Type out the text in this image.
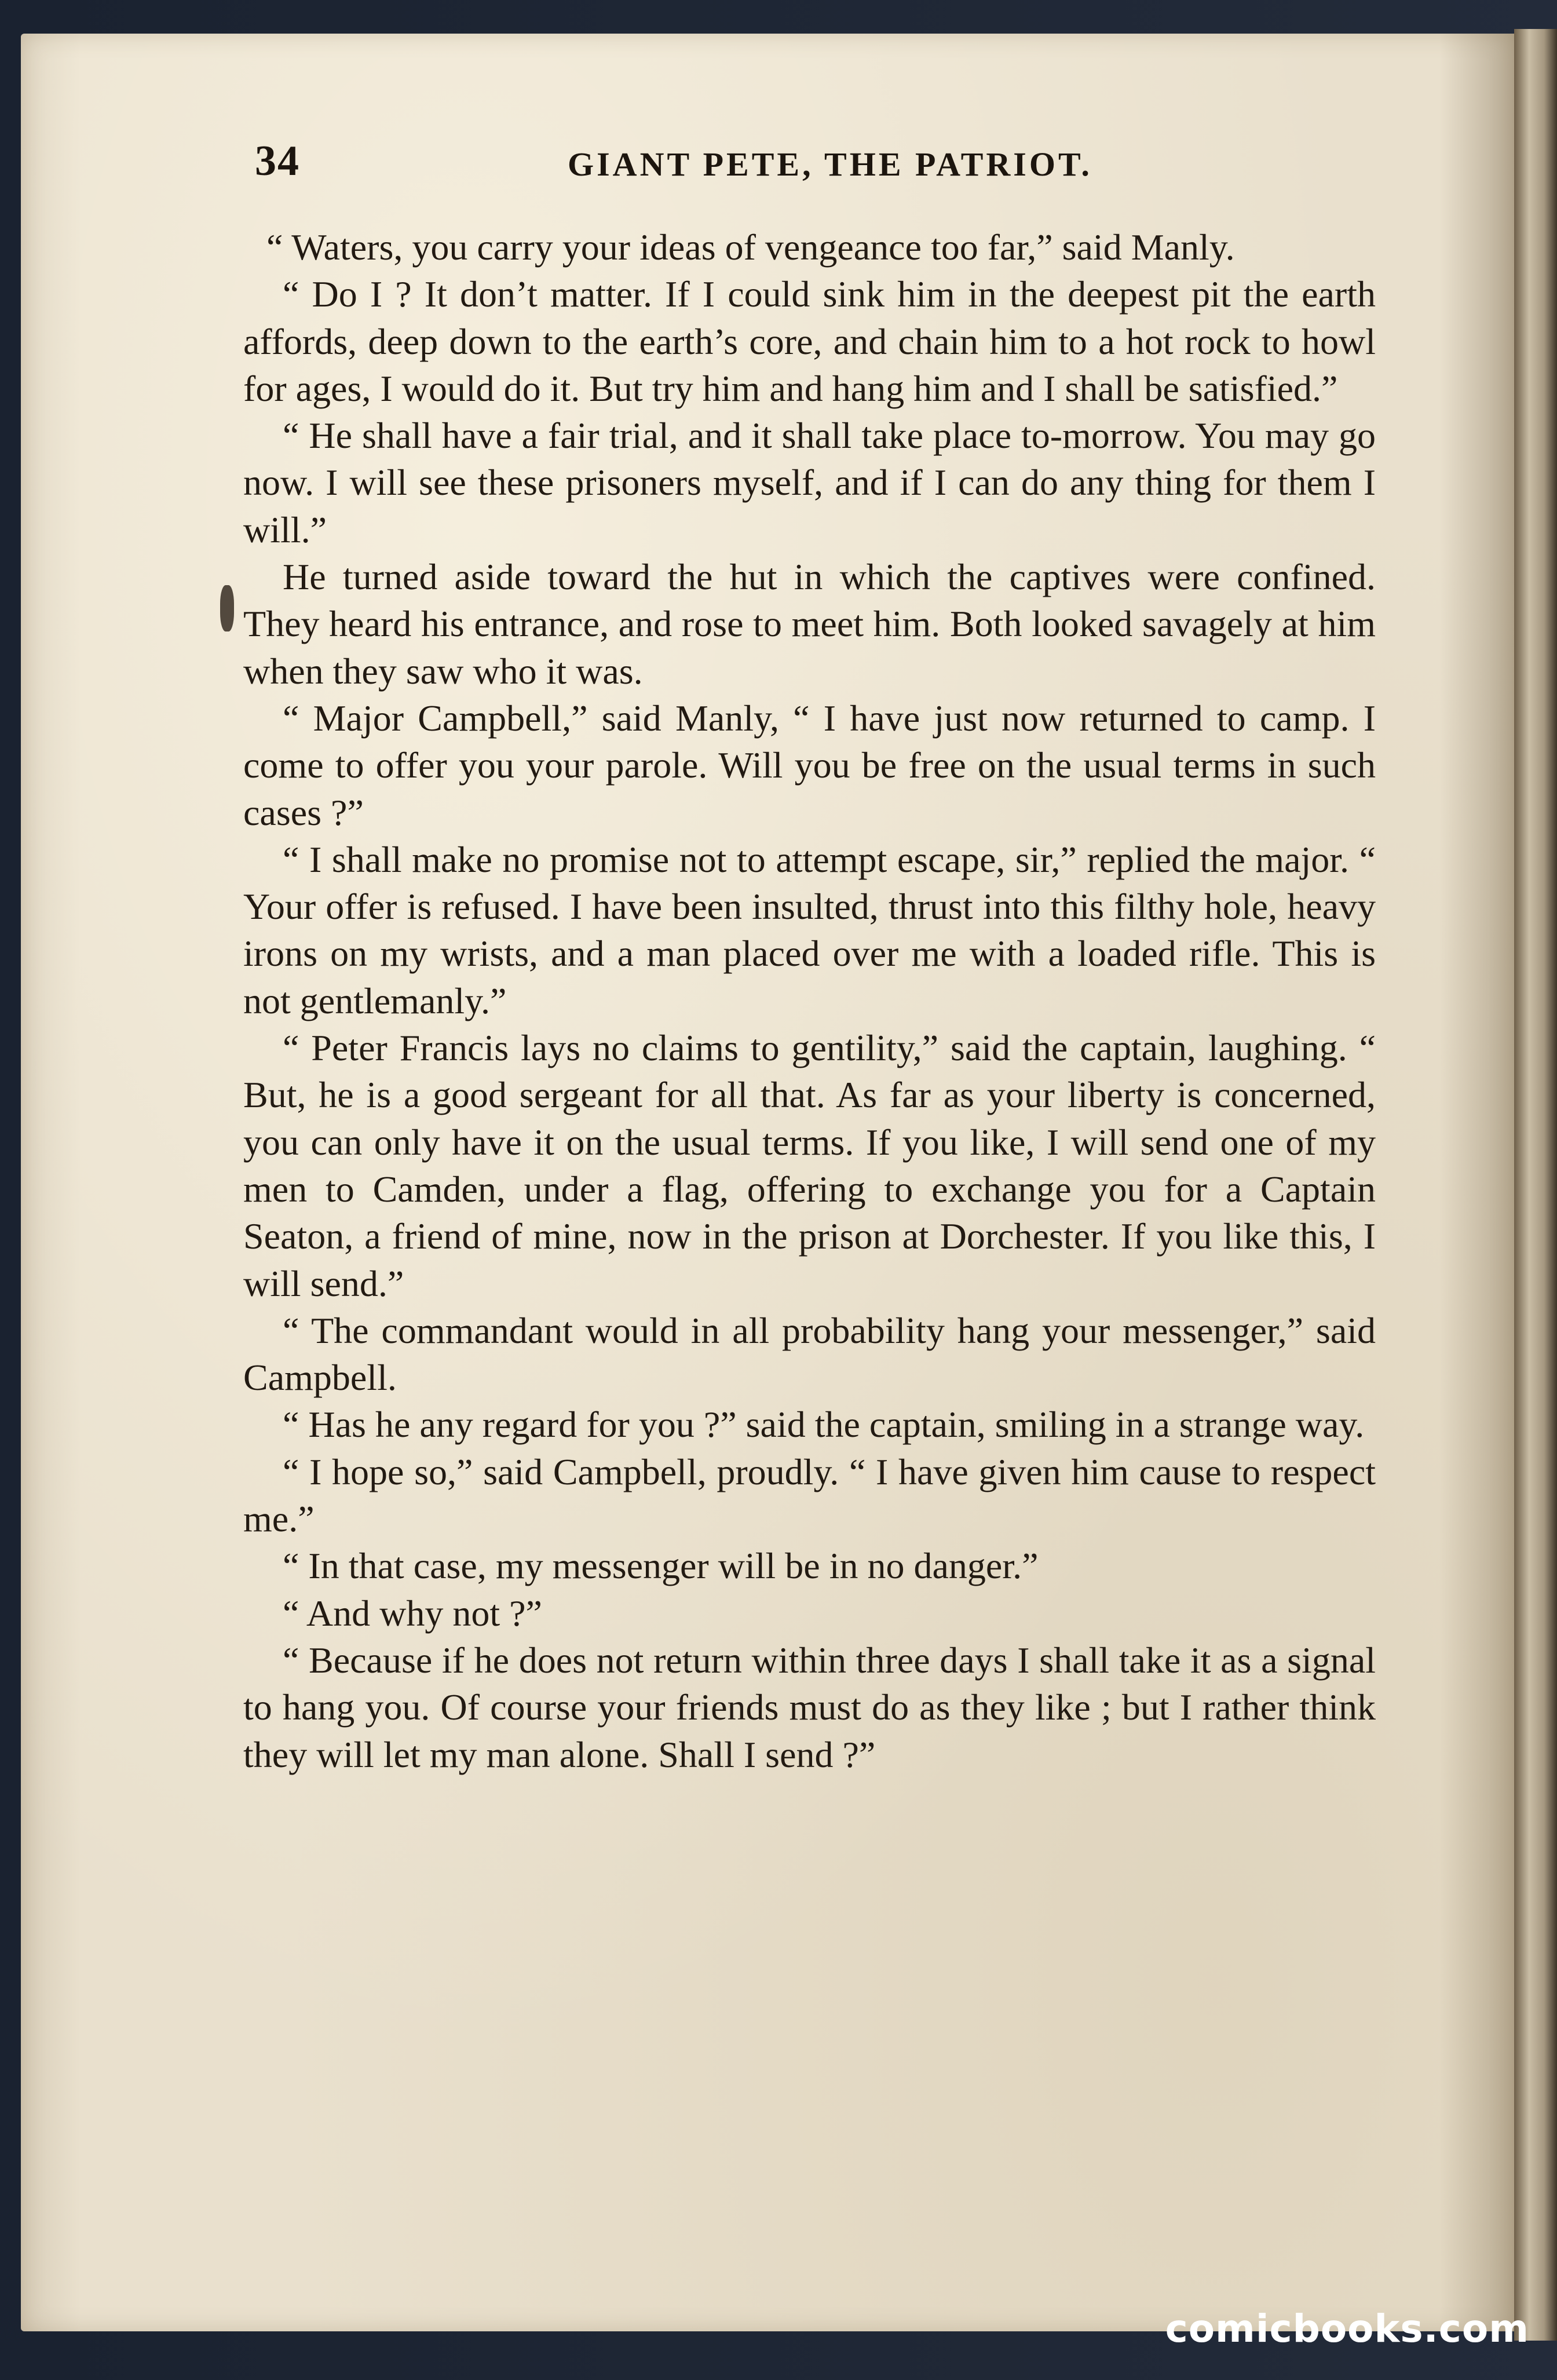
34	GIANT PETE, THE PATRIOT.

“ Waters, you carry your ideas of vengeance too far,” said Manly.

“ Do I ? It don’t matter. If I could sink him in the deepest pit the earth affords, deep down to the earth’s core, and chain him to a hot rock to howl for ages, I would do it. But try him and hang him and I shall be satisfied.”

“ He shall have a fair trial, and it shall take place to-morrow. You may go now. I will see these prisoners myself, and if I can do any thing for them I will.”

He turned aside toward the hut in which the captives were confined. They heard his entrance, and rose to meet him. Both looked savagely at him when they saw who it was.

“ Major Campbell,” said Manly, “ I have just now returned to camp. I come to offer you your parole. Will you be free on the usual terms in such cases ?”

“ I shall make no promise not to attempt escape, sir,” replied the major. “ Your offer is refused. I have been insulted, thrust into this filthy hole, heavy irons on my wrists, and a man placed over me with a loaded rifle. This is not gentlemanly.”

“ Peter Francis lays no claims to gentility,” said the captain, laughing. “ But, he is a good sergeant for all that. As far as your liberty is concerned, you can only have it on the usual terms. If you like, I will send one of my men to Camden, under a flag, offering to exchange you for a Captain Seaton, a friend of mine, now in the prison at Dorchester. If you like this, I will send.”

“ The commandant would in all probability hang your messenger,” said Campbell.

“ Has he any regard for you ?” said the captain, smiling in a strange way.

“ I hope so,” said Campbell, proudly. “ I have given him cause to respect me.”

“ In that case, my messenger will be in no danger.”

“ And why not ?”

“ Because if he does not return within three days I shall take it as a signal to hang you. Of course your friends must do as they like ; but I rather think they will let my man alone. Shall I send ?”

comicbooks.com
